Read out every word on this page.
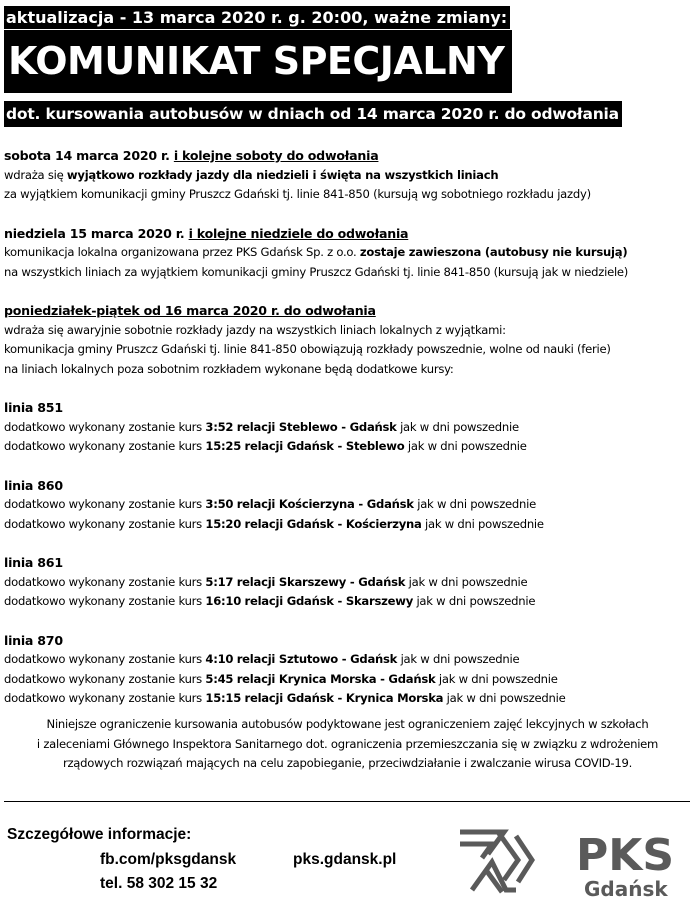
aktualizacja - 13 marca 2020 r. g. 20:00, ważne zmiany:
KOMUNIKAT SPECJALNY
dot. kursowania autobusów w dniach od 14 marca 2020 r. do odwołania
sobota 14 marca 2020 r. i kolejne soboty do odwołania
wdraża się wyjątkowo rozkłady jazdy dla niedzieli i święta na wszystkich liniach
za wyjątkiem komunikacji gminy Pruszcz Gdański tj. linie 841-850 (kursują wg sobotniego rozkładu jazdy)
niedziela 15 marca 2020 r. i kolejne niedziele do odwołania
komunikacja lokalna organizowana przez PKS Gdańsk Sp. z o.o. zostaje zawieszona (autobusy nie kursują)
na wszystkich liniach za wyjątkiem komunikacji gminy Pruszcz Gdański tj. linie 841-850 (kursują jak w niedziele)
poniedziałek-piątek od 16 marca 2020 r. do odwołania
wdraża się awaryjnie sobotnie rozkłady jazdy na wszystkich liniach lokalnych z wyjątkami:
komunikacja gminy Pruszcz Gdański tj. linie 841-850 obowiązują rozkłady powszednie, wolne od nauki (ferie)
na liniach lokalnych poza sobotnim rozkładem wykonane będą dodatkowe kursy:
linia 851
dodatkowo wykonany zostanie kurs 3:52 relacji Steblewo - Gdańsk jak w dni powszednie
dodatkowo wykonany zostanie kurs 15:25 relacji Gdańsk - Steblewo jak w dni powszednie
linia 860
dodatkowo wykonany zostanie kurs 3:50 relacji Kościerzyna - Gdańsk jak w dni powszednie
dodatkowo wykonany zostanie kurs 15:20 relacji Gdańsk - Kościerzyna jak w dni powszednie
linia 861
dodatkowo wykonany zostanie kurs 5:17 relacji Skarszewy - Gdańsk jak w dni powszednie
dodatkowo wykonany zostanie kurs 16:10 relacji Gdańsk - Skarszewy jak w dni powszednie
linia 870
dodatkowo wykonany zostanie kurs 4:10 relacji Sztutowo - Gdańsk jak w dni powszednie
dodatkowo wykonany zostanie kurs 5:45 relacji Krynica Morska - Gdańsk jak w dni powszednie
dodatkowo wykonany zostanie kurs 15:15 relacji Gdańsk - Krynica Morska jak w dni powszednie
Niniejsze ograniczenie kursowania autobusów podyktowane jest ograniczeniem zajęć lekcyjnych w szkołach
i zaleceniami Głównego Inspektora Sanitarnego dot. ograniczenia przemieszczania się w związku z wdrożeniem
rządowych rozwiązań mających na celu zapobieganie, przeciwdziałanie i zwalczanie wirusa COVID-19.
Szczegółowe informacje:
fb.com/pksgdansk
tel. 58 302 15 32
pks.gdansk.pl	PKS
Gdańsk
